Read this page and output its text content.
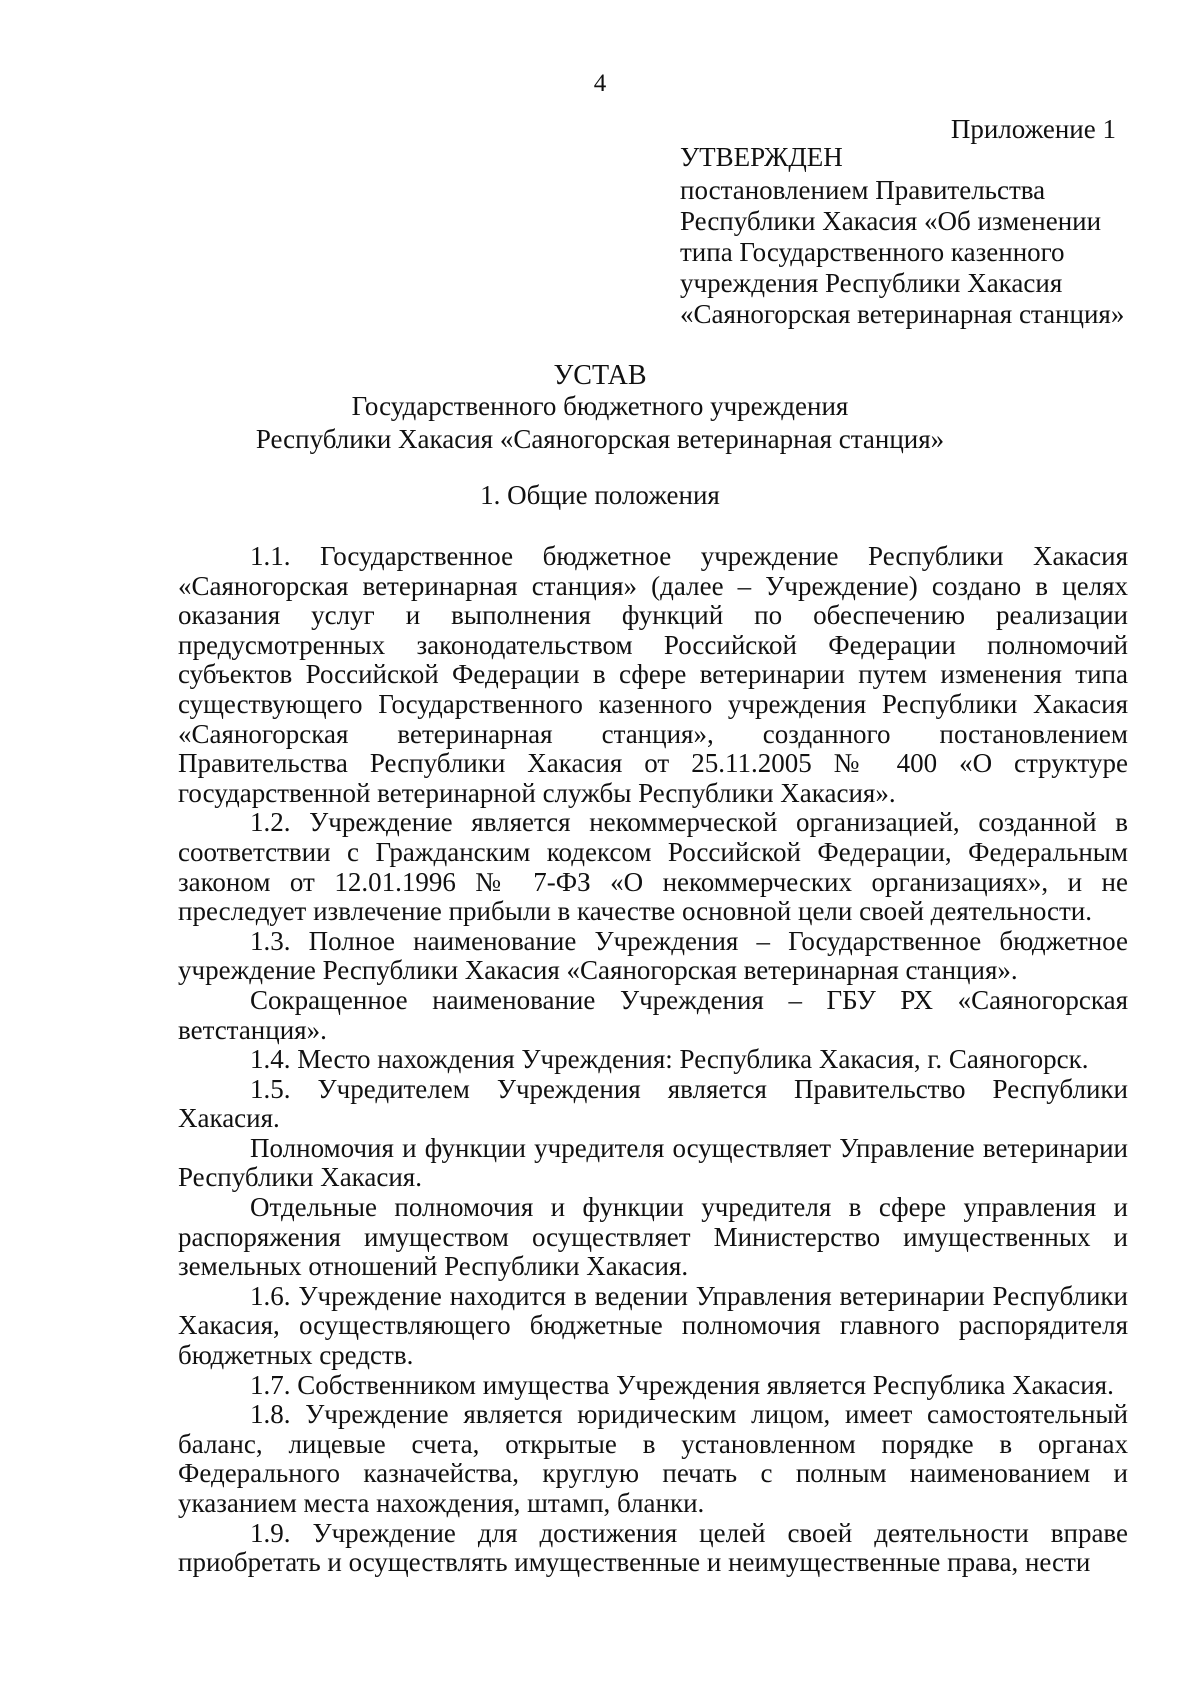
4
Приложение 1
УТВЕРЖДЕН
постановлением Правительства
Республики Хакасия «Об изменении
типа Государственного казенного
учреждения Республики Хакасия
«Саяногорская ветеринарная станция»
УСТАВ
Государственного бюджетного учреждения
Республики Хакасия «Саяногорская ветеринарная станция»
1. Общие положения

1.1. Государственное бюджетное учреждение Республики Хакасия «Саяногорская ветеринарная станция» (далее – Учреждение) создано в целях оказания услуг и выполнения функций по обеспечению реализации предусмотренных законодательством Российской Федерации полномочий субъектов Российской Федерации в сфере ветеринарии путем изменения типа существующего Государственного казенного учреждения Республики Хакасия «Саяногорская ветеринарная станция», созданного постановлением Правительства Республики Хакасия от 25.11.2005 № 400 «О структуре государственной ветеринарной службы Республики Хакасия».

1.2. Учреждение является некоммерческой организацией, созданной в соответствии с Гражданским кодексом Российской Федерации, Федеральным законом от 12.01.1996 № 7-ФЗ «О некоммерческих организациях», и не преследует извлечение прибыли в качестве основной цели своей деятельности.

1.3. Полное наименование Учреждения – Государственное бюджетное учреждение Республики Хакасия «Саяногорская ветеринарная станция».

Сокращенное наименование Учреждения – ГБУ РХ «Саяногорская ветстанция».

1.4. Место нахождения Учреждения: Республика Хакасия, г. Саяногорск.

1.5. Учредителем Учреждения является Правительство Республики Хакасия.

Полномочия и функции учредителя осуществляет Управление ветеринарии Республики Хакасия.

Отдельные полномочия и функции учредителя в сфере управления и распоряжения имуществом осуществляет Министерство имущественных и земельных отношений Республики Хакасия.

1.6. Учреждение находится в ведении Управления ветеринарии Республики Хакасия, осуществляющего бюджетные полномочия главного распорядителя бюджетных средств.

1.7. Собственником имущества Учреждения является Республика Хакасия.

1.8. Учреждение является юридическим лицом, имеет самостоятельный баланс, лицевые счета, открытые в установленном порядке в органах Федерального казначейства, круглую печать с полным наименованием и указанием места нахождения, штамп, бланки.

1.9. Учреждение для достижения целей своей деятельности вправе приобретать и осуществлять имущественные и неимущественные права, нести
